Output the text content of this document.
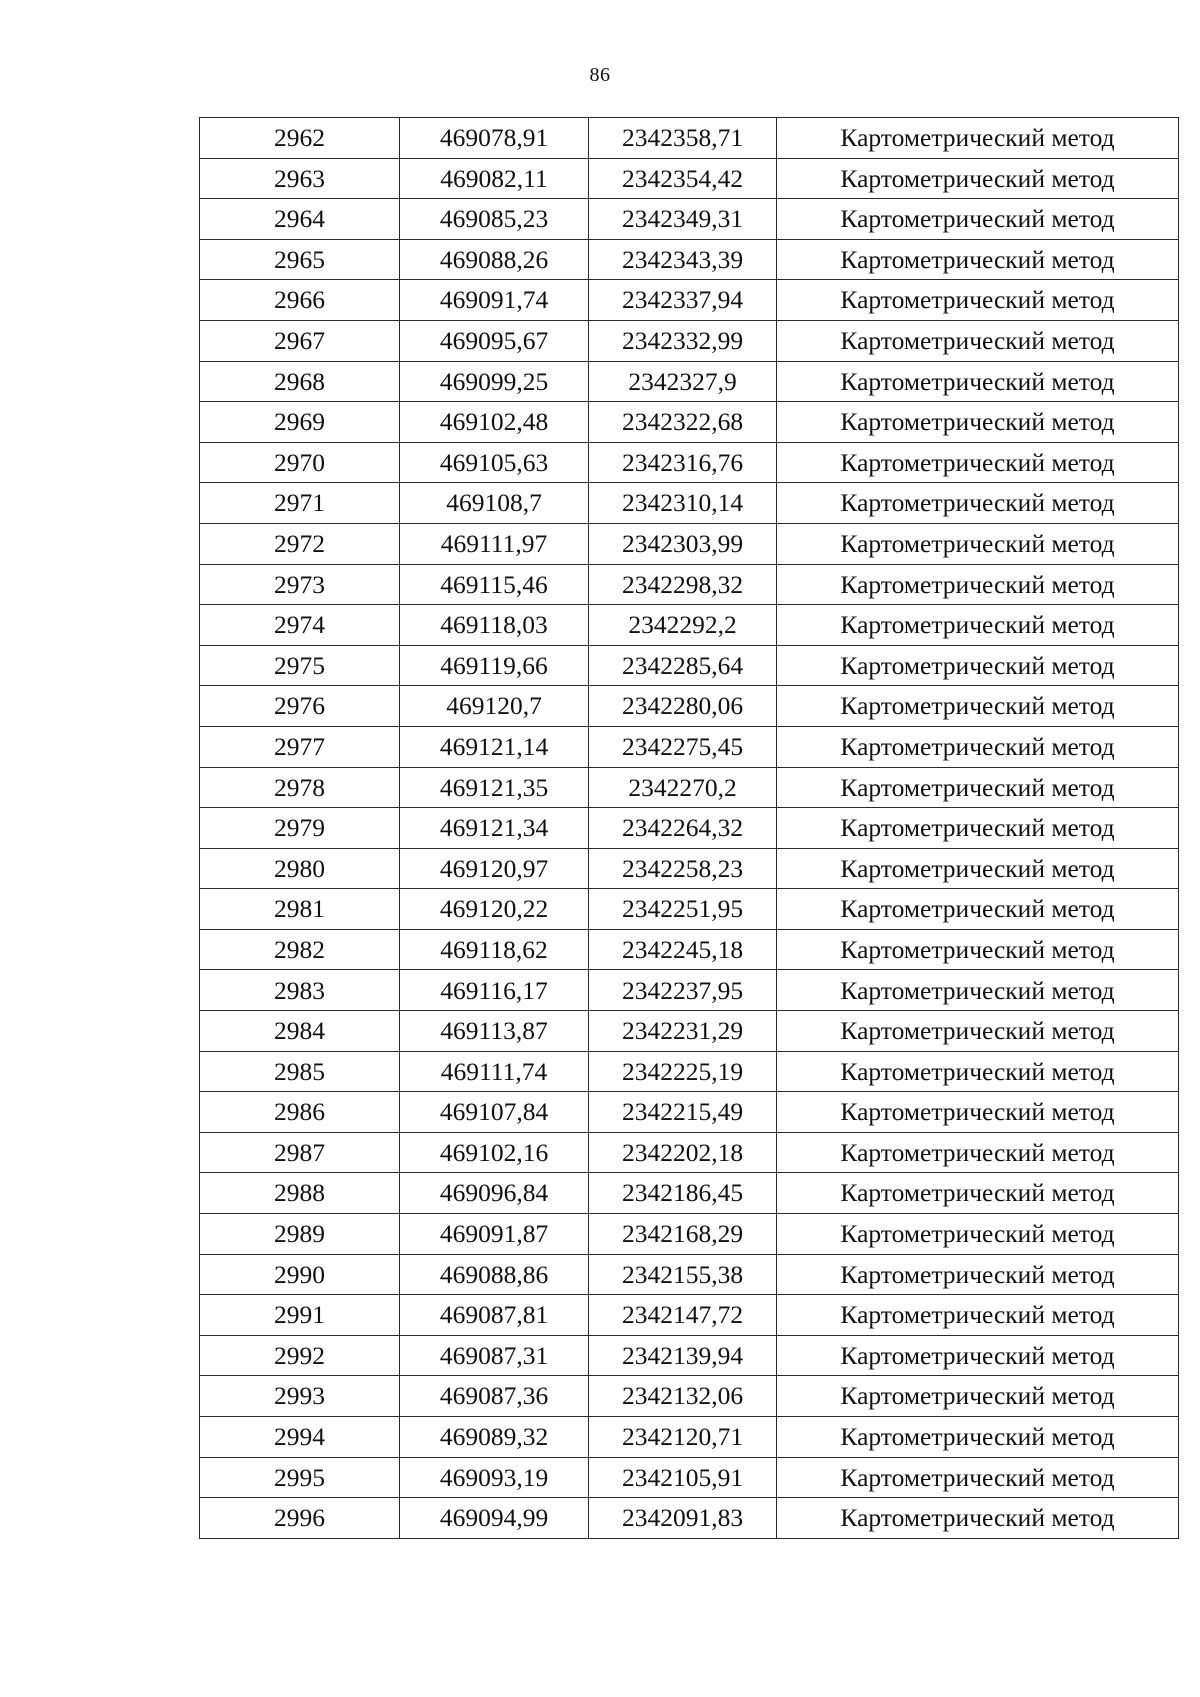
86
2962	469078,91	2342358,71	Картометрический метод
2963	469082,11	2342354,42	Картометрический метод
2964	469085,23	2342349,31	Картометрический метод
2965	469088,26	2342343,39	Картометрический метод
2966	469091,74	2342337,94	Картометрический метод
2967	469095,67	2342332,99	Картометрический метод
2968	469099,25	2342327,9	Картометрический метод
2969	469102,48	2342322,68	Картометрический метод
2970	469105,63	2342316,76	Картометрический метод
2971	469108,7	2342310,14	Картометрический метод
2972	469111,97	2342303,99	Картометрический метод
2973	469115,46	2342298,32	Картометрический метод
2974	469118,03	2342292,2	Картометрический метод
2975	469119,66	2342285,64	Картометрический метод
2976	469120,7	2342280,06	Картометрический метод
2977	469121,14	2342275,45	Картометрический метод
2978	469121,35	2342270,2	Картометрический метод
2979	469121,34	2342264,32	Картометрический метод
2980	469120,97	2342258,23	Картометрический метод
2981	469120,22	2342251,95	Картометрический метод
2982	469118,62	2342245,18	Картометрический метод
2983	469116,17	2342237,95	Картометрический метод
2984	469113,87	2342231,29	Картометрический метод
2985	469111,74	2342225,19	Картометрический метод
2986	469107,84	2342215,49	Картометрический метод
2987	469102,16	2342202,18	Картометрический метод
2988	469096,84	2342186,45	Картометрический метод
2989	469091,87	2342168,29	Картометрический метод
2990	469088,86	2342155,38	Картометрический метод
2991	469087,81	2342147,72	Картометрический метод
2992	469087,31	2342139,94	Картометрический метод
2993	469087,36	2342132,06	Картометрический метод
2994	469089,32	2342120,71	Картометрический метод
2995	469093,19	2342105,91	Картометрический метод
2996	469094,99	2342091,83	Картометрический метод
